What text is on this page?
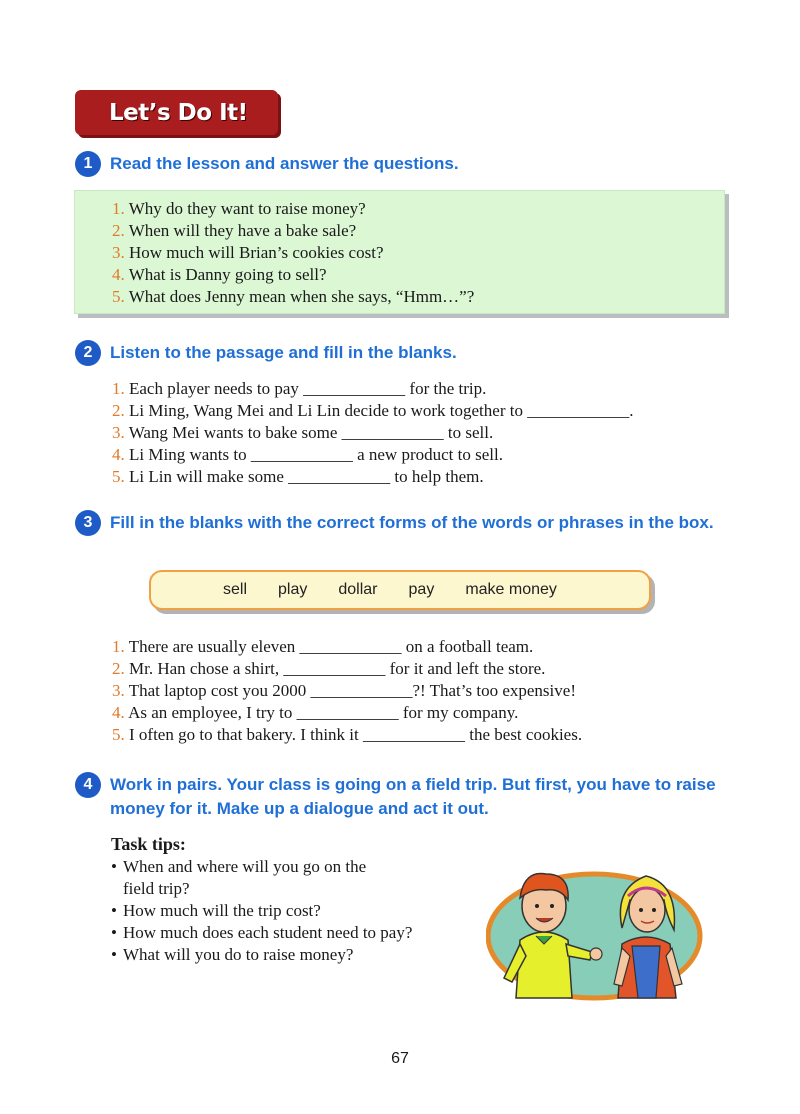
Let’s Do It!
1	Read the lesson and answer the questions.
1. Why do they want to raise money?
2. When will they have a bake sale?
3. How much will Brian’s cookies cost?
4. What is Danny going to sell?
5. What does Jenny mean when she says, “Hmm…”?
2	Listen to the passage and fill in the blanks.
1. Each player needs to pay ____________ for the trip.
2. Li Ming, Wang Mei and Li Lin decide to work together to ____________.
3. Wang Mei wants to bake some ____________ to sell.
4. Li Ming wants to ____________ a new product to sell.
5. Li Lin will make some ____________ to help them.
3	Fill in the blanks with the correct forms of the words or phrases in the box.
sell play dollar pay make money
1. There are usually eleven ____________ on a football team.
2. Mr. Han chose a shirt, ____________ for it and left the store.
3. That laptop cost you 2000 ____________?! That’s too expensive!
4. As an employee, I try to ____________ for my company.
5. I often go to that bakery. I think it ____________ the best cookies.
4	Work in pairs. Your class is going on a field trip. But first, you have to raise money for it. Make up a dialogue and act it out.
Task tips:
• When and where will you go on the field trip?
• How much will the trip cost?
• How much does each student need to pay?
• What will you do to raise money?
67
